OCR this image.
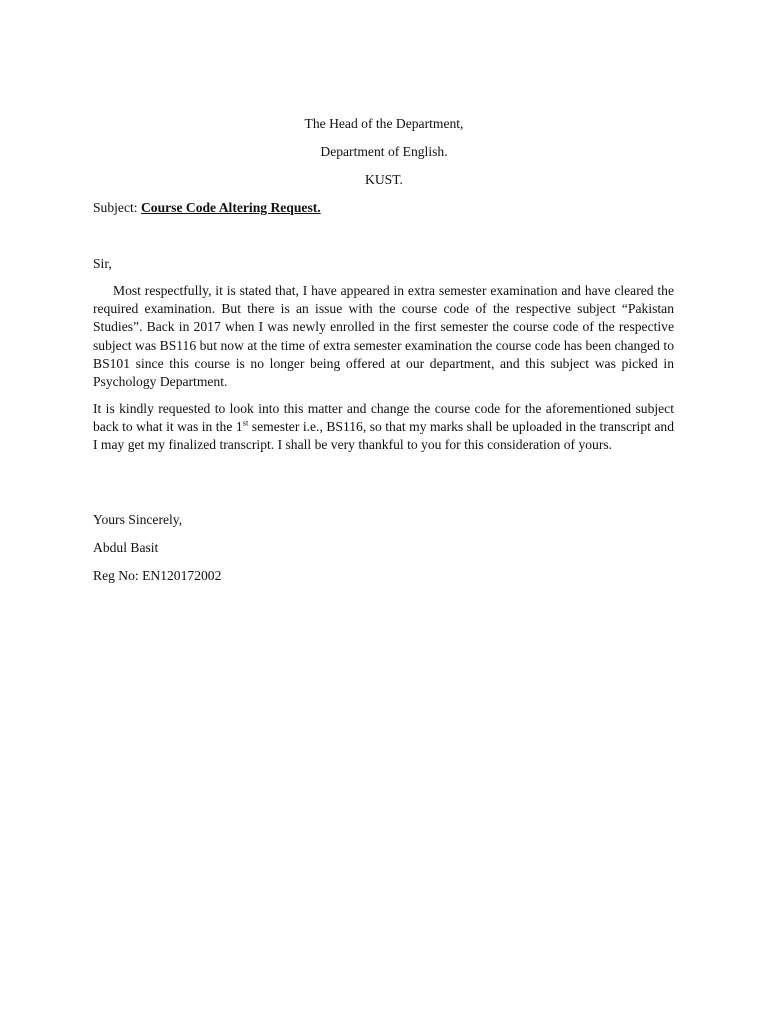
The Head of the Department,
Department of English.
KUST.
Subject: Course Code Altering Request.
Sir,

Most respectfully, it is stated that, I have appeared in extra semester examination and have cleared the required examination. But there is an issue with the course code of the respective subject “Pakistan Studies”. Back in 2017 when I was newly enrolled in the first semester the course code of the respective subject was BS116 but now at the time of extra semester examination the course code has been changed to BS101 since this course is no longer being offered at our department, and this subject was picked in Psychology Department.

It is kindly requested to look into this matter and change the course code for the aforementioned subject back to what it was in the 1st semester i.e., BS116, so that my marks shall be uploaded in the transcript and I may get my finalized transcript. I shall be very thankful to you for this consideration of yours.

Yours Sincerely,
Abdul Basit
Reg No: EN120172002
